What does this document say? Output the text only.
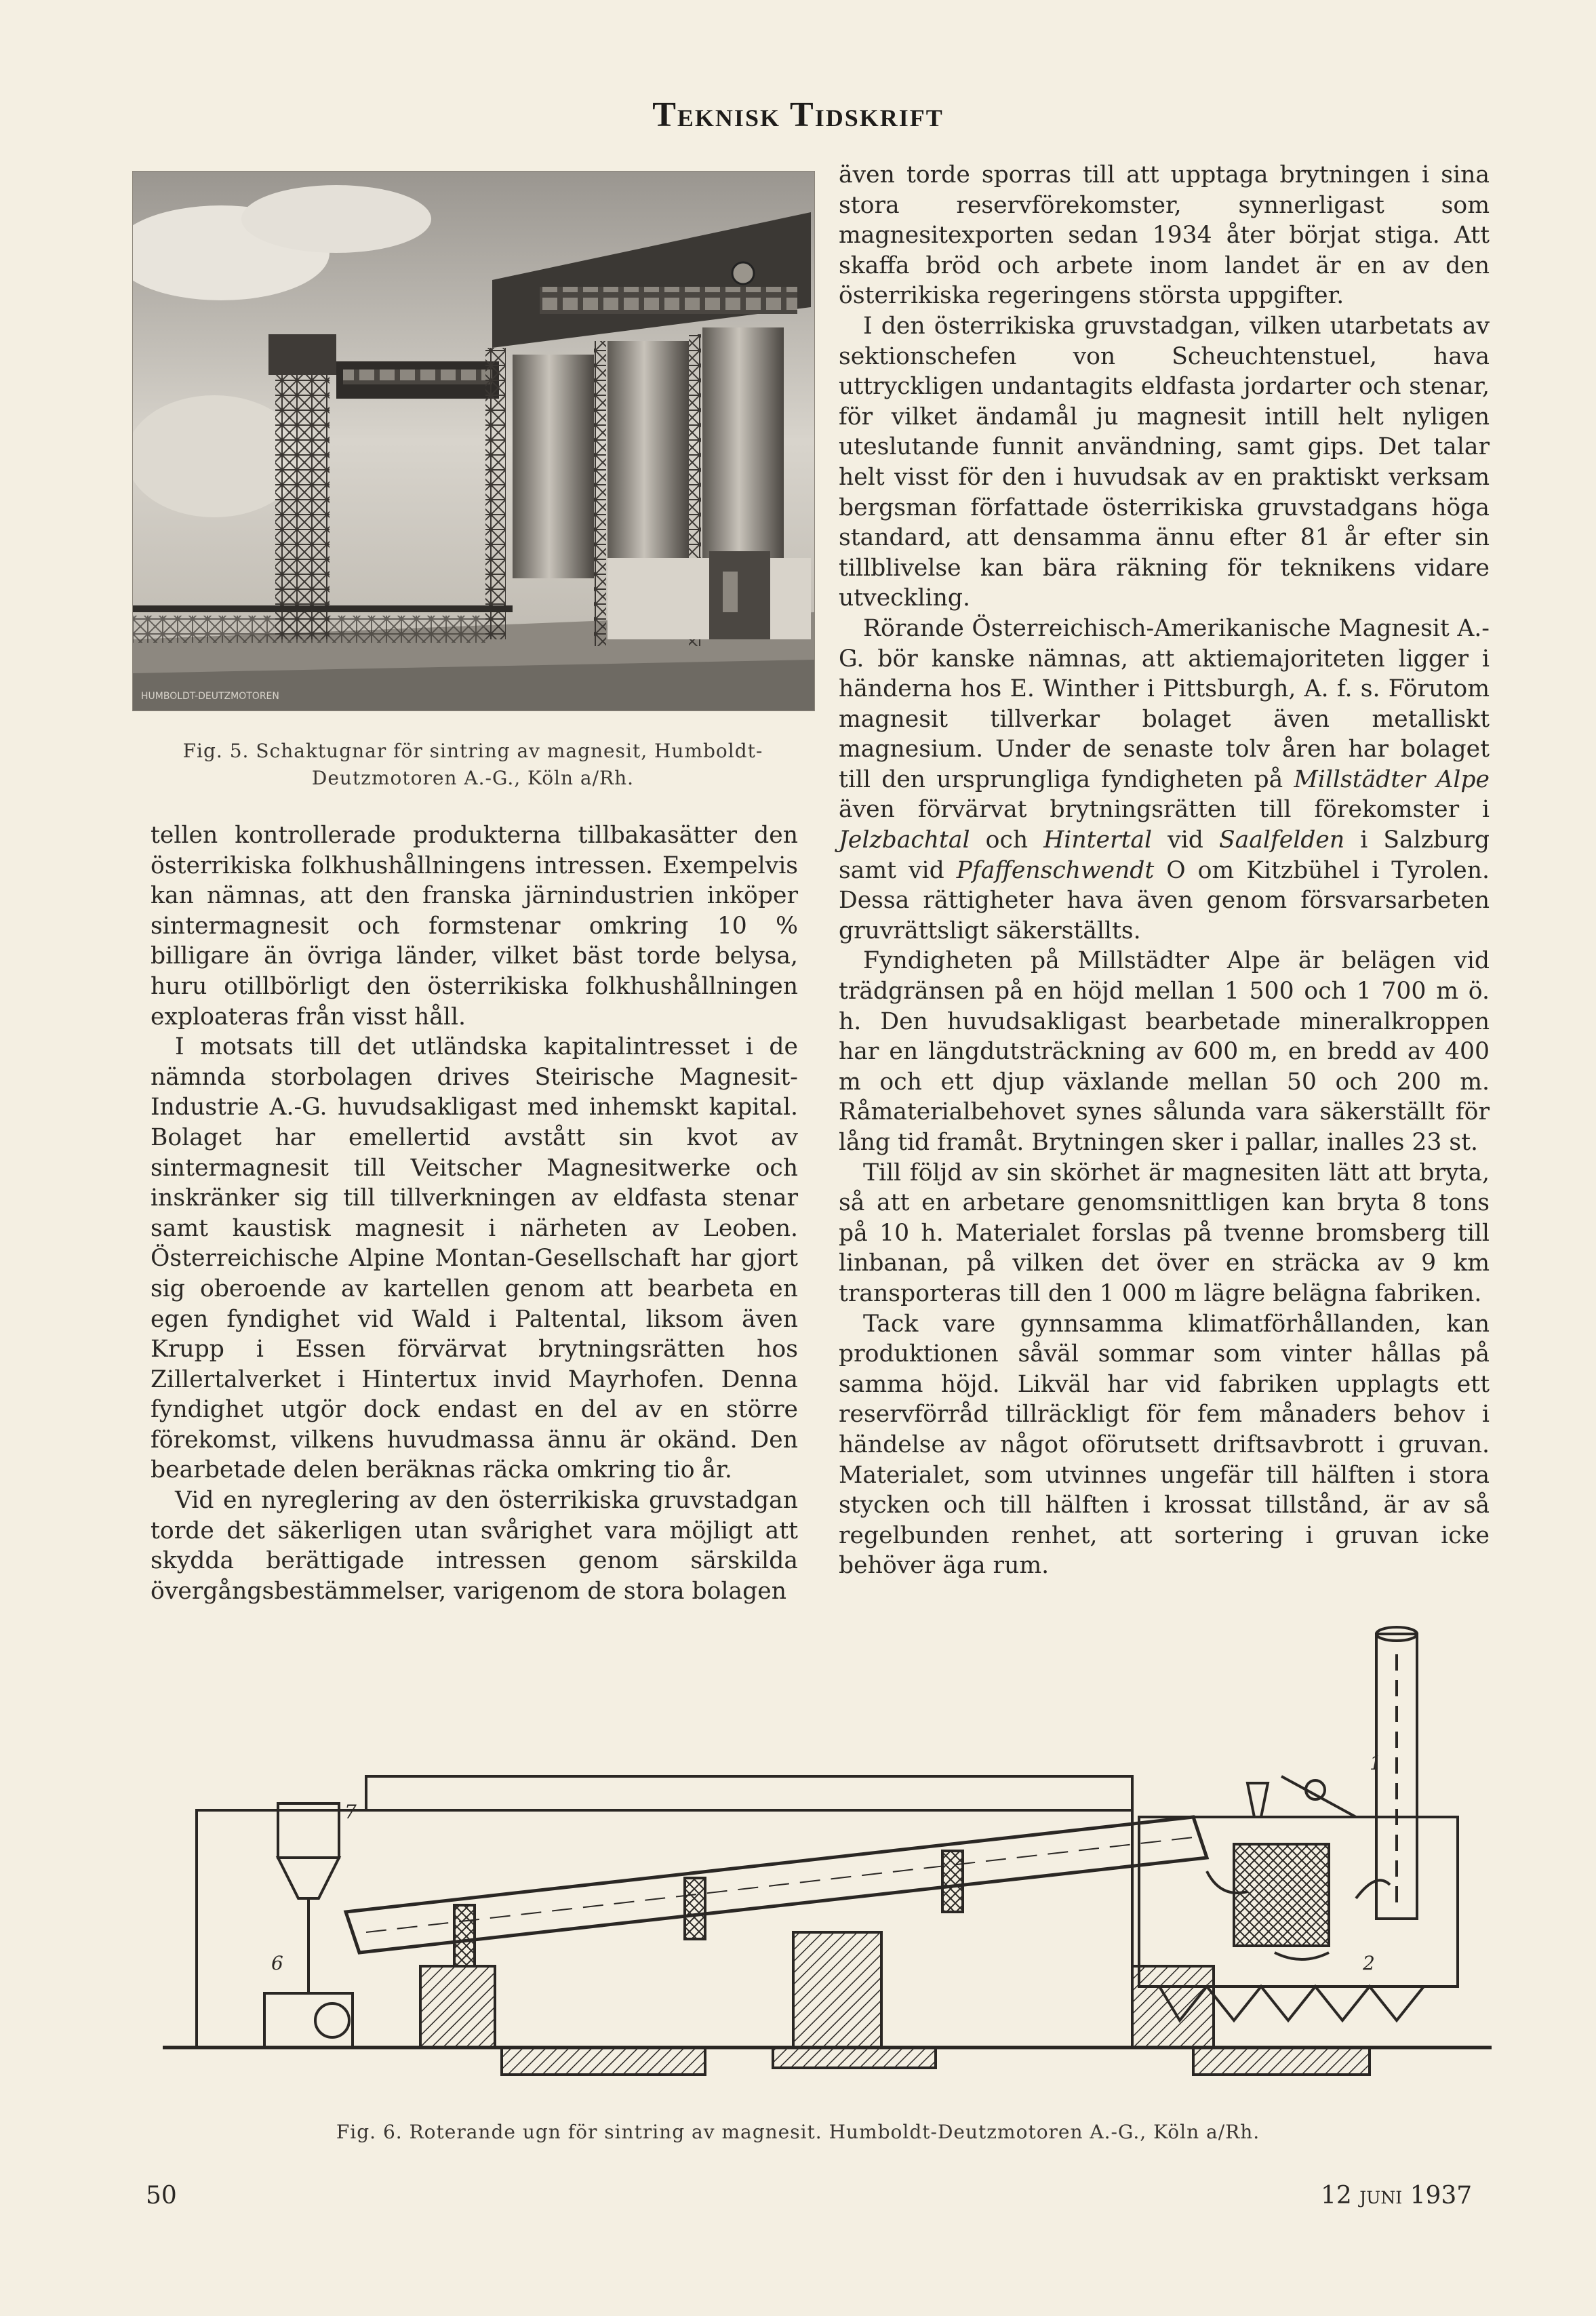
Teknisk Tidskrift
HUMBOLDT-DEUTZMOTOREN
Fig. 5. Schaktugnar för sintring av magnesit, Humboldt-Deutzmotoren A.-G., Köln a/Rh.

tellen kontrollerade produkterna tillbakasätter den österrikiska folkhushållningens intressen. Exempelvis kan nämnas, att den franska järnindustrien inköper sintermagnesit och formstenar omkring 10 % billigare än övriga länder, vilket bäst torde belysa, huru otillbörligt den österrikiska folkhushållningen exploateras från visst håll.

I motsats till det utländska kapitalintresset i de nämnda storbolagen drives Steirische Magnesit-Industrie A.-G. huvudsakligast med inhemskt kapital. Bolaget har emellertid avstått sin kvot av sintermagnesit till Veitscher Magnesitwerke och inskränker sig till tillverkningen av eldfasta stenar samt kaustisk magnesit i närheten av Leoben. Österreichische Alpine Montan-Gesellschaft har gjort sig oberoende av kartellen genom att bearbeta en egen fyndighet vid Wald i Paltental, liksom även Krupp i Essen förvärvat brytningsrätten hos Zillertalverket i Hintertux invid Mayrhofen. Denna fyndighet utgör dock endast en del av en större förekomst, vilkens huvudmassa ännu är okänd. Den bearbetade delen beräknas räcka omkring tio år.

Vid en nyreglering av den österrikiska gruvstadgan torde det säkerligen utan svårighet vara möjligt att skydda berättigade intressen genom särskilda övergångsbestämmelser, varigenom de stora bolagen

även torde sporras till att upptaga brytningen i sina stora reservförekomster, synnerligast som magnesitexporten sedan 1934 åter börjat stiga. Att skaffa bröd och arbete inom landet är en av den österrikiska regeringens största uppgifter.

I den österrikiska gruvstadgan, vilken utarbetats av sektionschefen von Scheuchtenstuel, hava uttryckligen undantagits eldfasta jordarter och stenar, för vilket ändamål ju magnesit intill helt nyligen uteslutande funnit användning, samt gips. Det talar helt visst för den i huvudsak av en praktiskt verksam bergsman författade österrikiska gruvstadgans höga standard, att densamma ännu efter 81 år efter sin tillblivelse kan bära räkning för teknikens vidare utveckling.

Rörande Österreichisch-Amerikanische Magnesit A.-G. bör kanske nämnas, att aktiemajoriteten ligger i händerna hos E. Winther i Pittsburgh, A. f. s. Förutom magnesit tillverkar bolaget även metalliskt magnesium. Under de senaste tolv åren har bolaget till den ursprungliga fyndigheten på Millstädter Alpe även förvärvat brytningsrätten till förekomster i Jelzbachtal och Hintertal vid Saalfelden i Salzburg samt vid Pfaffenschwendt O om Kitzbühel i Tyrolen. Dessa rättigheter hava även genom försvarsarbeten gruvrättsligt säkerställts.

Fyndigheten på Millstädter Alpe är belägen vid trädgränsen på en höjd mellan 1 500 och 1 700 m ö. h. Den huvudsakligast bearbetade mineralkroppen har en längdutsträckning av 600 m, en bredd av 400 m och ett djup växlande mellan 50 och 200 m. Råmaterialbehovet synes sålunda vara säkerställt för lång tid framåt. Brytningen sker i pallar, inalles 23 st.

Till följd av sin skörhet är magnesiten lätt att bryta, så att en arbetare genomsnittligen kan bryta 8 tons på 10 h. Materialet forslas på tvenne bromsberg till linbanan, på vilken det över en sträcka av 9 km transporteras till den 1 000 m lägre belägna fabriken.

Tack vare gynnsamma klimatförhållanden, kan produktionen såväl sommar som vinter hållas på samma höjd. Likväl har vid fabriken upplagts ett reservförråd tillräckligt för fem månaders behov i händelse av något oförutsett driftsavbrott i gruvan. Materialet, som utvinnes ungefär till hälften i stora stycken och till hälften i krossat tillstånd, är av så regelbunden renhet, att sortering i gruvan icke behöver äga rum.

1
2
7
6
Fig. 6. Roterande ugn för sintring av magnesit. Humboldt-Deutzmotoren A.-G., Köln a/Rh.
50	12 juni 1937
